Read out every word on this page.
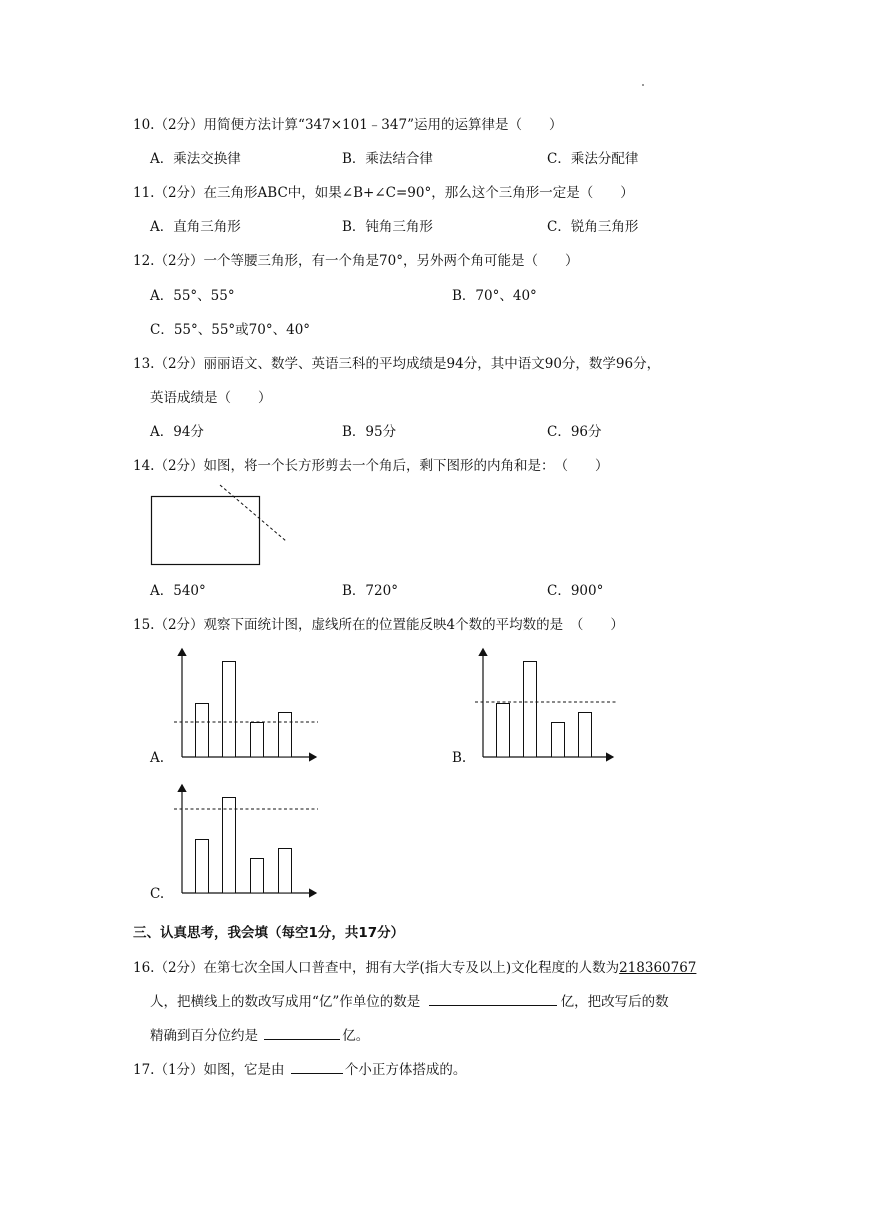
10.（2分）用简便方法计算“347×101﹣347”运用的运算律是（　　）
A．乘法交换律	B．乘法结合律	C．乘法分配律
11.（2分）在三角形ABC中，如果∠B+∠C=90°，那么这个三角形一定是（　　）
A．直角三角形	B．钝角三角形	C．锐角三角形
12.（2分）一个等腰三角形，有一个角是70°，另外两个角可能是（　　）
A．55°、55°	B．70°、40°
C．55°、55°或70°、40°
13.（2分）丽丽语文、数学、英语三科的平均成绩是94分，其中语文90分，数学96分，
英语成绩是（　　）
A．94分	B．95分	C．96分
14.（2分）如图，将一个长方形剪去一个角后，剩下图形的内角和是：　（　　）
A．540°	B．720°	C．900°
15.（2分）观察下面统计图，虚线所在的位置能反映4个数的平均数的是　（　　）
A.	B.
C.
三、认真思考，我会填（每空1分，共17分）
16.（2分）在第七次全国人口普查中，拥有大学(指大专及以上)文化程度的人数为218360767
人，把横线上的数改写成用“亿”作单位的数是	亿，把改写后的数
精确到百分位约是	亿。
17.（1分）如图，它是由	个小正方体搭成的。
